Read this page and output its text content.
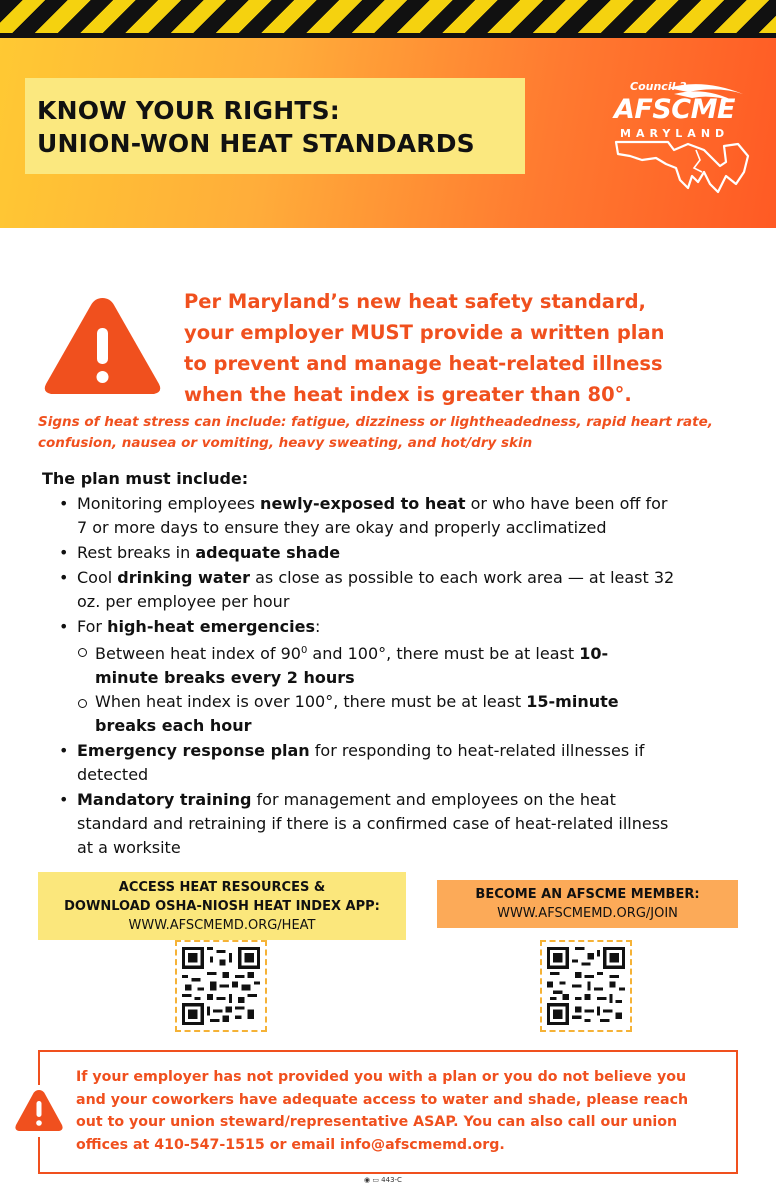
KNOW YOUR RIGHTS:
UNION-WON HEAT STANDARDS
Council 3
AFSCME
MARYLAND
Per Maryland’s new heat safety standard,
your employer MUST provide a written plan
to prevent and manage heat-related illness
when the heat index is greater than 80°.
Signs of heat stress can include: fatigue, dizziness or lightheadedness, rapid heart rate,
confusion, nausea or vomiting, heavy sweating, and hot/dry skin
The plan must include:
• Monitoring employees newly-exposed to heat or who have been off for
7 or more days to ensure they are okay and properly acclimatized
• Rest breaks in adequate shade
• Cool drinking water as close as possible to each work area — at least 32
oz. per employee per hour
• For high-heat emergencies:
Between heat index of $90^0$ and 100°, there must be at least 10-
minute breaks every 2 hours
When heat index is over 100°, there must be at least 15-minute
breaks each hour
• Emergency response plan for responding to heat-related illnesses if
detected
• Mandatory training for management and employees on the heat
standard and retraining if there is a confirmed case of heat-related illness
at a worksite
ACCESS HEAT RESOURCES &
DOWNLOAD OSHA-NIOSH HEAT INDEX APP:
WWW.AFSCMEMD.ORG/HEAT
BECOME AN AFSCME MEMBER:
WWW.AFSCMEMD.ORG/JOIN
If your employer has not provided you with a plan or you do not believe you
and your coworkers have adequate access to water and shade, please reach
out to your union steward/representative ASAP. You can also call our union
offices at 410-547-1515 or email info@afscmemd.org.
◉ ▭ 443-C
